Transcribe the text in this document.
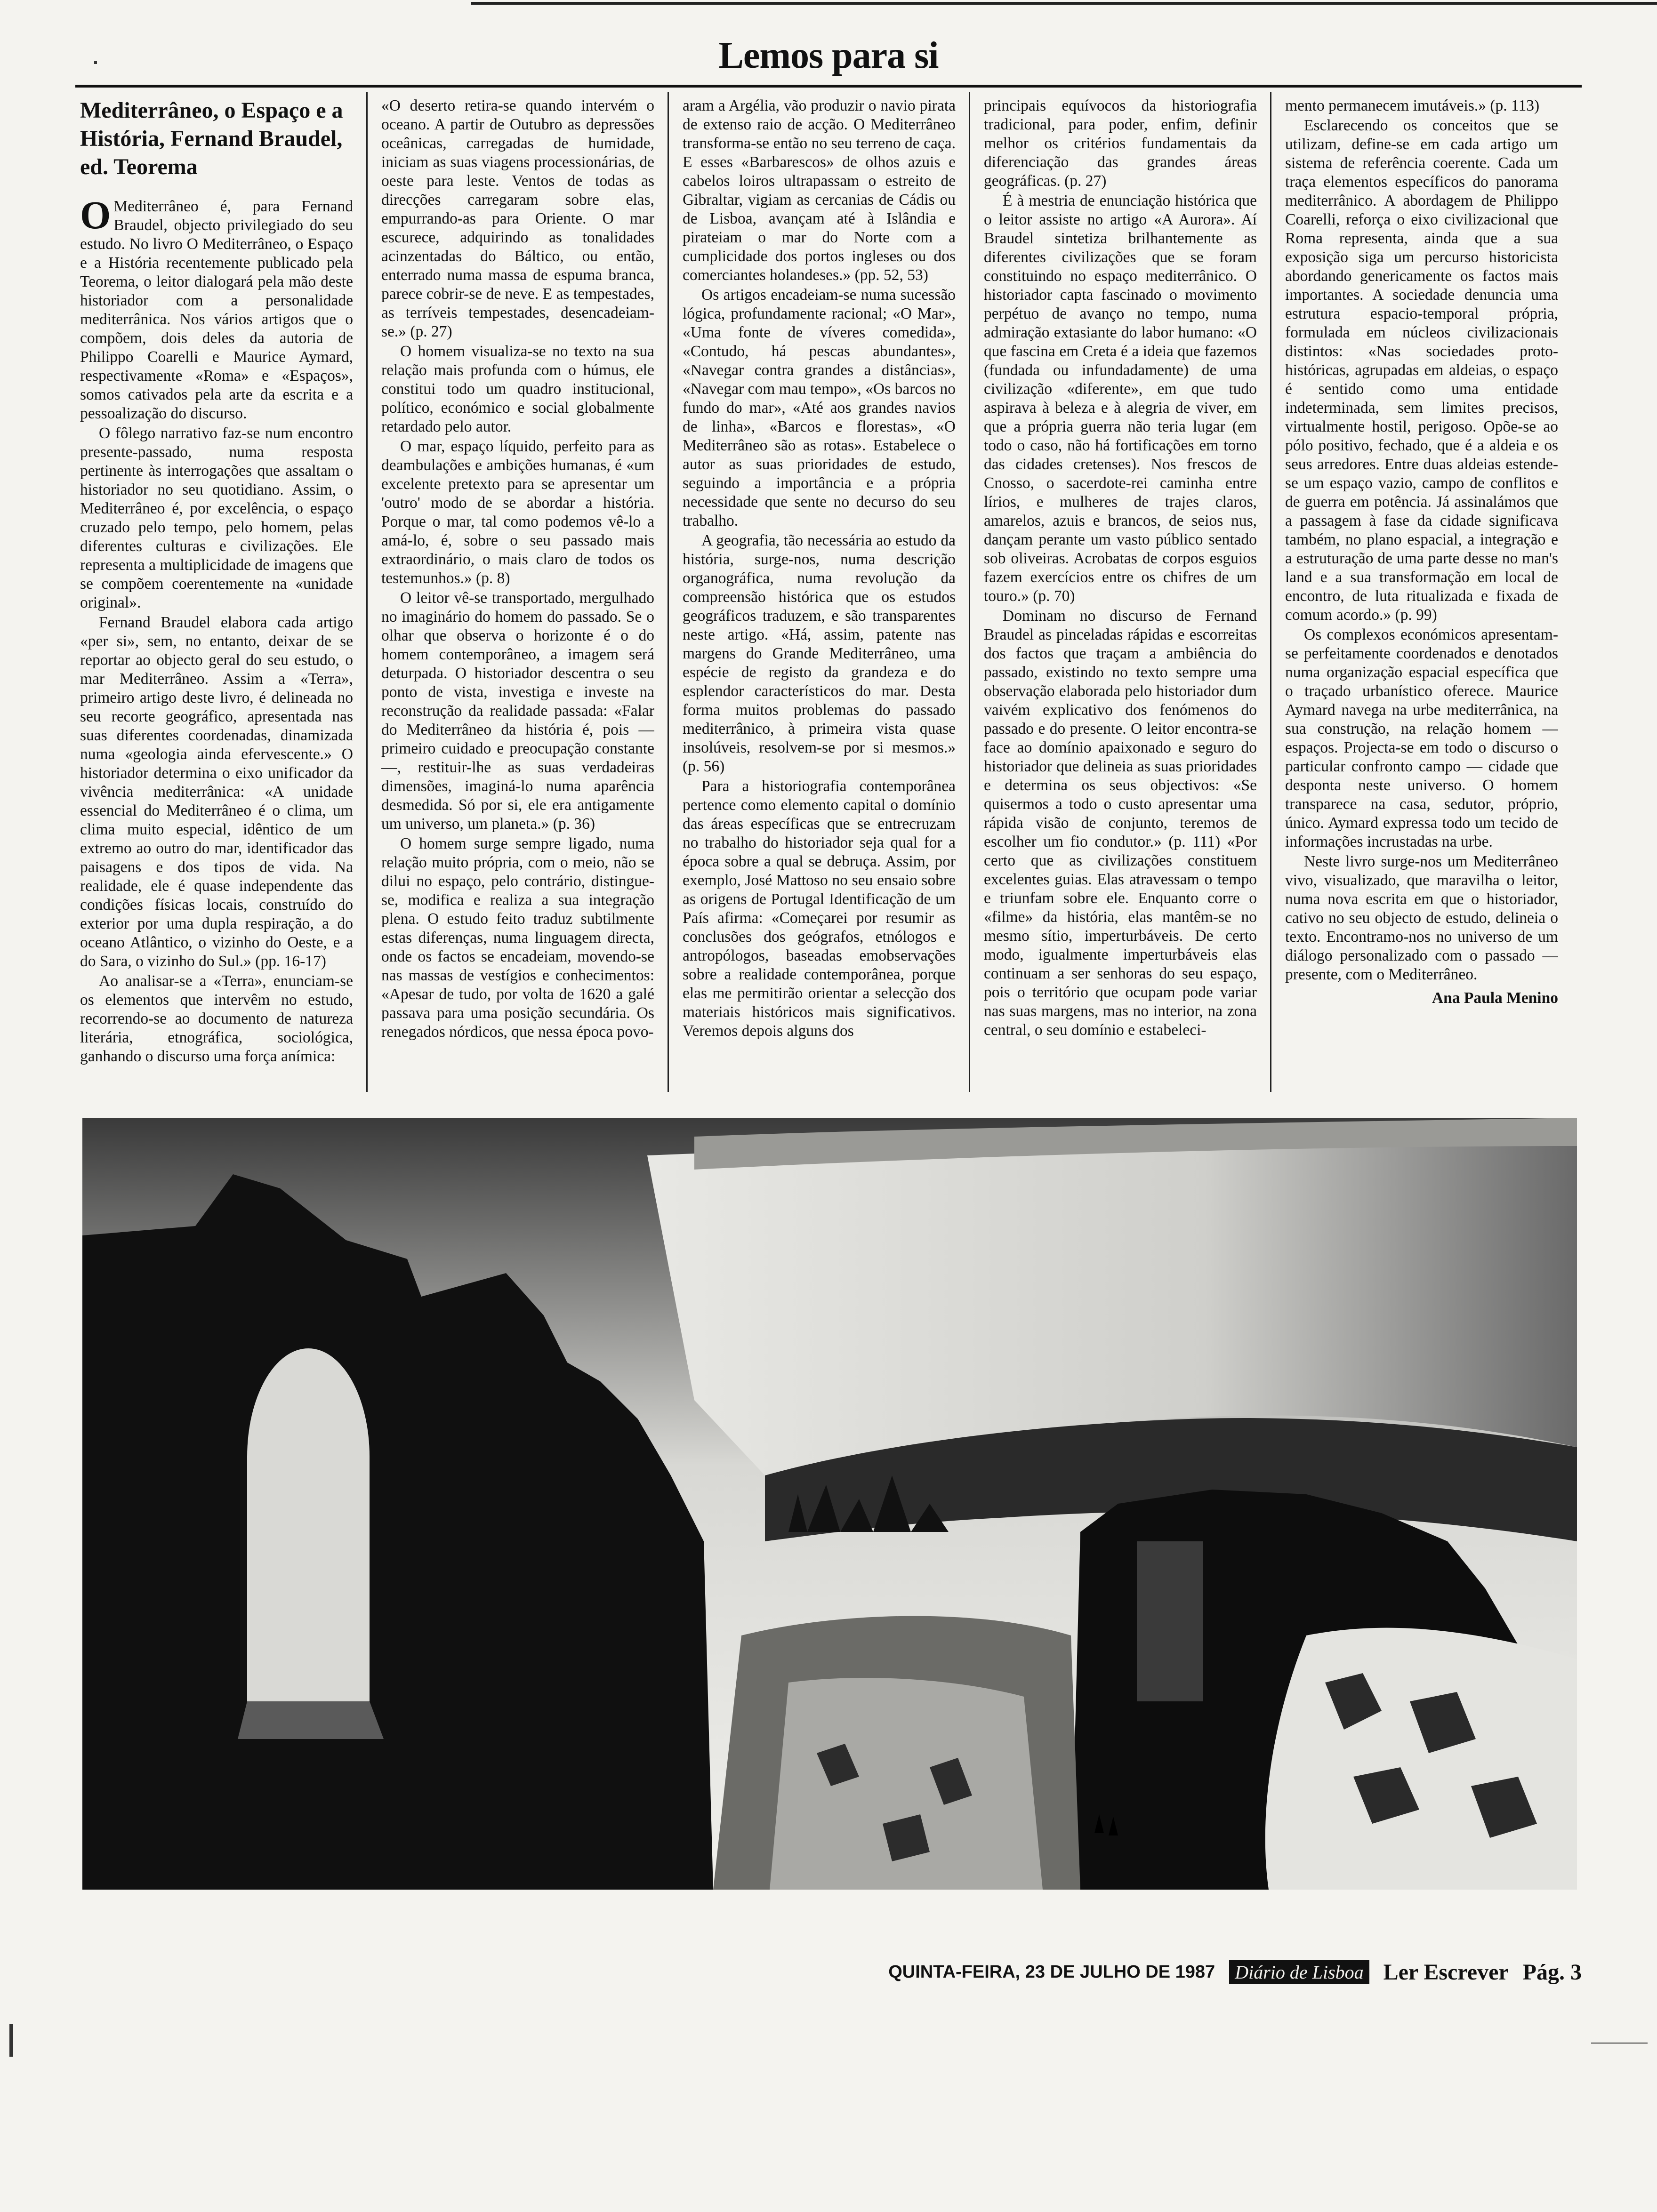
Lemos para si
Mediterrâneo, o Espaço e a História, Fernand Braudel, ed. Teorema

O Mediterrâneo é, para Fernand Braudel, objecto privilegiado do seu estudo. No livro O Mediterrâneo, o Espaço e a História recentemente publicado pela Teorema, o leitor dialogará pela mão deste historiador com a personalidade mediterrânica. Nos vários artigos que o compõem, dois deles da autoria de Philippo Coarelli e Maurice Aymard, respectivamente «Roma» e «Espaços», somos cativados pela arte da escrita e a pessoalização do discurso.

O fôlego narrativo faz-se num encontro presente-passado, numa resposta pertinente às interrogações que assaltam o historiador no seu quotidiano. Assim, o Mediterrâneo é, por excelência, o espaço cruzado pelo tempo, pelo homem, pelas diferentes culturas e civilizações. Ele representa a multiplicidade de imagens que se compõem coerentemente na «unidade original».

Fernand Braudel elabora cada artigo «per si», sem, no entanto, deixar de se reportar ao objecto geral do seu estudo, o mar Mediterrâneo. Assim a «Terra», primeiro artigo deste livro, é delineada no seu recorte geográfico, apresentada nas suas diferentes coordenadas, dinamizada numa «geologia ainda efervescente.» O historiador determina o eixo unificador da vivência mediterrânica: «A unidade essencial do Mediterrâneo é o clima, um clima muito especial, idêntico de um extremo ao outro do mar, identificador das paisagens e dos tipos de vida. Na realidade, ele é quase independente das condições físicas locais, construído do exterior por uma dupla respiração, a do oceano Atlântico, o vizinho do Oeste, e a do Sara, o vizinho do Sul.» (pp. 16-17)

Ao analisar-se a «Terra», enunciam-se os elementos que intervêm no estudo, recorrendo-se ao documento de natureza literária, etnográfica, sociológica, ganhando o discurso uma força anímica:

«O deserto retira-se quando intervém o oceano. A partir de Outubro as depressões oceânicas, carregadas de humidade, iniciam as suas viagens processionárias, de oeste para leste. Ventos de todas as direcções carregaram sobre elas, empurrando-as para Oriente. O mar escurece, adquirindo as tonalidades acinzentadas do Báltico, ou então, enterrado numa massa de espuma branca, parece cobrir-se de neve. E as tempestades, as terríveis tempestades, desencadeiam-se.» (p. 27)

O homem visualiza-se no texto na sua relação mais profunda com o húmus, ele constitui todo um quadro institucional, político, económico e social globalmente retardado pelo autor.

O mar, espaço líquido, perfeito para as deambulações e ambições humanas, é «um excelente pretexto para se apresentar um 'outro' modo de se abordar a história. Porque o mar, tal como podemos vê-lo a amá-lo, é, sobre o seu passado mais extraordinário, o mais claro de todos os testemunhos.» (p. 8)

O leitor vê-se transportado, mergulhado no imaginário do homem do passado. Se o olhar que observa o horizonte é o do homem contemporâneo, a imagem será deturpada. O historiador descentra o seu ponto de vista, investiga e investe na reconstrução da realidade passada: «Falar do Mediterrâneo da história é, pois — primeiro cuidado e preocupação constante —, restituir-lhe as suas verdadeiras dimensões, imaginá-lo numa aparência desmedida. Só por si, ele era antigamente um universo, um planeta.» (p. 36)

O homem surge sempre ligado, numa relação muito própria, com o meio, não se dilui no espaço, pelo contrário, distingue-se, modifica e realiza a sua integração plena. O estudo feito traduz subtilmente estas diferenças, numa linguagem directa, onde os factos se encadeiam, movendo-se nas massas de vestígios e conhecimentos: «Apesar de tudo, por volta de 1620 a galé passava para uma posição secundária. Os renegados nórdicos, que nessa época povo-

aram a Argélia, vão produzir o navio pirata de extenso raio de acção. O Mediterrâneo transforma-se então no seu terreno de caça. E esses «Barbarescos» de olhos azuis e cabelos loiros ultrapassam o estreito de Gibraltar, vigiam as cercanias de Cádis ou de Lisboa, avançam até à Islândia e pirateiam o mar do Norte com a cumplicidade dos portos ingleses ou dos comerciantes holandeses.» (pp. 52, 53)

Os artigos encadeiam-se numa sucessão lógica, profundamente racional; «O Mar», «Uma fonte de víveres comedida», «Contudo, há pescas abundantes», «Navegar contra grandes a distâncias», «Navegar com mau tempo», «Os barcos no fundo do mar», «Até aos grandes navios de linha», «Barcos e florestas», «O Mediterrâneo são as rotas». Estabelece o autor as suas prioridades de estudo, seguindo a importância e a própria necessidade que sente no decurso do seu trabalho.

A geografia, tão necessária ao estudo da história, surge-nos, numa descrição organográfica, numa revolução da compreensão histórica que os estudos geográficos traduzem, e são transparentes neste artigo. «Há, assim, patente nas margens do Grande Mediterrâneo, uma espécie de registo da grandeza e do esplendor característicos do mar. Desta forma muitos problemas do passado mediterrânico, à primeira vista quase insolúveis, resolvem-se por si mesmos.» (p. 56)

Para a historiografia contemporânea pertence como elemento capital o domínio das áreas específicas que se entrecruzam no trabalho do historiador seja qual for a época sobre a qual se debruça. Assim, por exemplo, José Mattoso no seu ensaio sobre as origens de Portugal Identificação de um País afirma: «Começarei por resumir as conclusões dos geógrafos, etnólogos e antropólogos, baseadas emobservações sobre a realidade contemporânea, porque elas me permitirão orientar a selecção dos materiais históricos mais significativos. Veremos depois alguns dos

principais equívocos da historiografia tradicional, para poder, enfim, definir melhor os critérios fundamentais da diferenciação das grandes áreas geográficas. (p. 27)

É à mestria de enunciação histórica que o leitor assiste no artigo «A Aurora». Aí Braudel sintetiza brilhantemente as diferentes civilizações que se foram constituindo no espaço mediterrânico. O historiador capta fascinado o movimento perpétuo de avanço no tempo, numa admiração extasiante do labor humano: «O que fascina em Creta é a ideia que fazemos (fundada ou infundadamente) de uma civilização «diferente», em que tudo aspirava à beleza e à alegria de viver, em que a própria guerra não teria lugar (em todo o caso, não há fortificações em torno das cidades cretenses). Nos frescos de Cnosso, o sacerdote-rei caminha entre lírios, e mulheres de trajes claros, amarelos, azuis e brancos, de seios nus, dançam perante um vasto público sentado sob oliveiras. Acrobatas de corpos esguios fazem exercícios entre os chifres de um touro.» (p. 70)

Dominam no discurso de Fernand Braudel as pinceladas rápidas e escorreitas dos factos que traçam a ambiência do passado, existindo no texto sempre uma observação elaborada pelo historiador dum vaivém explicativo dos fenómenos do passado e do presente. O leitor encontra-se face ao domínio apaixonado e seguro do historiador que delineia as suas prioridades e determina os seus objectivos: «Se quisermos a todo o custo apresentar uma rápida visão de conjunto, teremos de escolher um fio condutor.» (p. 111) «Por certo que as civilizações constituem excelentes guias. Elas atravessam o tempo e triunfam sobre ele. Enquanto corre o «filme» da história, elas mantêm-se no mesmo sítio, imperturbáveis. De certo modo, igualmente imperturbáveis elas continuam a ser senhoras do seu espaço, pois o território que ocupam pode variar nas suas margens, mas no interior, na zona central, o seu domínio e estabeleci-

mento permanecem imutáveis.» (p. 113)

Esclarecendo os conceitos que se utilizam, define-se em cada artigo um sistema de referência coerente. Cada um traça elementos específicos do panorama mediterrânico. A abordagem de Philippo Coarelli, reforça o eixo civilizacional que Roma representa, ainda que a sua exposição siga um percurso historicista abordando genericamente os factos mais importantes. A sociedade denuncia uma estrutura espacio-temporal própria, formulada em núcleos civilizacionais distintos: «Nas sociedades proto-históricas, agrupadas em aldeias, o espaço é sentido como uma entidade indeterminada, sem limites precisos, virtualmente hostil, perigoso. Opõe-se ao pólo positivo, fechado, que é a aldeia e os seus arredores. Entre duas aldeias estende-se um espaço vazio, campo de conflitos e de guerra em potência. Já assinalámos que a passagem à fase da cidade significava também, no plano espacial, a integração e a estruturação de uma parte desse no man's land e a sua transformação em local de encontro, de luta ritualizada e fixada de comum acordo.» (p. 99)

Os complexos económicos apresentam-se perfeitamente coordenados e denotados numa organização espacial específica que o traçado urbanístico oferece. Maurice Aymard navega na urbe mediterrânica, na sua construção, na relação homem — espaços. Projecta-se em todo o discurso o particular confronto campo — cidade que desponta neste universo. O homem transparece na casa, sedutor, próprio, único. Aymard expressa todo um tecido de informações incrustadas na urbe.

Neste livro surge-nos um Mediterrâneo vivo, visualizado, que maravilha o leitor, numa nova escrita em que o historiador, cativo no seu objecto de estudo, delineia o texto. Encontramo-nos no universo de um diálogo personalizado com o passado — presente, com o Mediterrâneo.

Ana Paula Menino
QUINTA-FEIRA, 23 DE JULHO DE 1987	Diário de Lisboa Ler Escrever Pág. 3
